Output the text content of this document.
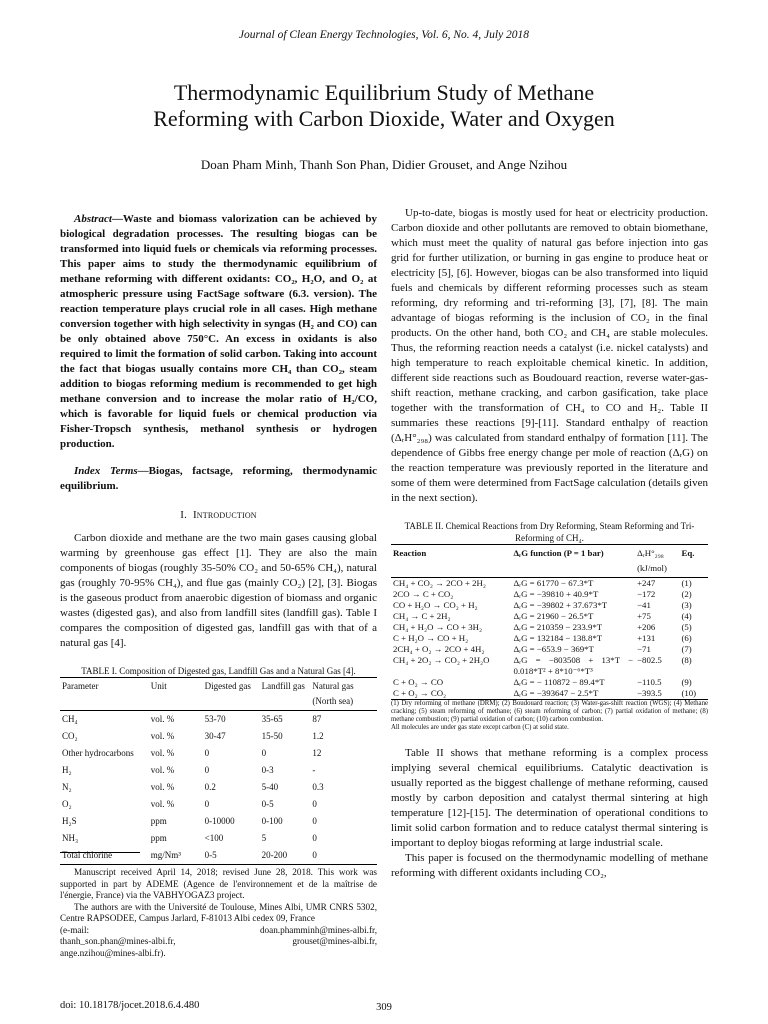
Journal of Clean Energy Technologies, Vol. 6, No. 4, July 2018
Thermodynamic Equilibrium Study of Methane
Reforming with Carbon Dioxide, Water and Oxygen
Doan Pham Minh, Thanh Son Phan, Didier Grouset, and Ange Nzihou

Abstract—Waste and biomass valorization can be achieved by biological degradation processes. The resulting biogas can be transformed into liquid fuels or chemicals via reforming processes. This paper aims to study the thermodynamic equilibrium of methane reforming with different oxidants: CO₂, H₂O, and O₂ at atmospheric pressure using FactSage software (6.3. version). The reaction temperature plays crucial role in all cases. High methane conversion together with high selectivity in syngas (H₂ and CO) can be only obtained above 750°C. An excess in oxidants is also required to limit the formation of solid carbon. Taking into account the fact that biogas usually contains more CH₄ than CO₂, steam addition to biogas reforming medium is recommended to get high methane conversion and to increase the molar ratio of H₂/CO, which is favorable for liquid fuels or chemical production via Fisher-Tropsch synthesis, methanol synthesis or hydrogen production.

Index Terms—Biogas, factsage, reforming, thermodynamic equilibrium.

I. Introduction

Carbon dioxide and methane are the two main gases causing global warming by greenhouse gas effect [1]. They are also the main components of biogas (roughly 35-50% CO₂ and 50-65% CH₄), natural gas (roughly 70-95% CH₄), and flue gas (mainly CO₂) [2], [3]. Biogas is the gaseous product from anaerobic digestion of biomass and organic wastes (digested gas), and also from landfill sites (landfill gas). Table I compares the composition of digested gas, landfill gas with that of a natural gas [4].

TABLE I. Composition of Digested gas, Landfill Gas and a Natural Gas [4].
Parameter	Unit	Digested gas	Landfill gas	Natural gas (North sea)
CH₄	vol. %	53-70	35-65	87
CO₂	vol. %	30-47	15-50	1.2
Other hydrocarbons	vol. %	0	0	12
H₂	vol. %	0	0-3	-
N₂	vol. %	0.2	5-40	0.3
O₂	vol. %	0	0-5	0
H₂S	ppm	0-10000	0-100	0
NH₃	ppm	<100	5	0
Total chlorine	mg/Nm³	0-5	20-200	0

Manuscript received April 14, 2018; revised June 28, 2018. This work was supported in part by ADEME (Agence de l'environnement et de la maîtrise de l'énergie, France) via the VABHYOGAZ3 project.

The authors are with the Université de Toulouse, Mines Albi, UMR CNRS 5302, Centre RAPSODEE, Campus Jarlard, F-81013 Albi cedex 09, France

(e-mail:	doan.phamminh@mines-albi.fr,
thanh_son.phan@mines-albi.fr,	grouset@mines-albi.fr,
ange.nzihou@mines-albi.fr).

Up-to-date, biogas is mostly used for heat or electricity production. Carbon dioxide and other pollutants are removed to obtain biomethane, which must meet the quality of natural gas before injection into gas grid for further utilization, or burning in gas engine to produce heat or electricity [5], [6]. However, biogas can be also transformed into liquid fuels and chemicals by different reforming processes such as steam reforming, dry reforming and tri-reforming [3], [7], [8]. The main advantage of biogas reforming is the inclusion of CO₂ in the final products. On the other hand, both CO₂ and CH₄ are stable molecules. Thus, the reforming reaction needs a catalyst (i.e. nickel catalysts) and high temperature to reach exploitable chemical kinetic. In addition, different side reactions such as Boudouard reaction, reverse water-gas-shift reaction, methane cracking, and carbon gasification, take place together with the transformation of CH₄ to CO and H₂. Table II summaries these reactions [9]-[11]. Standard enthalpy of reaction (ΔᵣH°₂₉₈) was calculated from standard enthalpy of formation [11]. The dependence of Gibbs free energy change per mole of reaction (ΔᵣG) on the reaction temperature was previously reported in the literature and some of them were determined from FactSage calculation (details given in the next section).

TABLE II. Chemical Reactions from Dry Reforming, Steam Reforming and Tri-Reforming of CH₄.
Reaction	ΔᵣG function (P = 1 bar)	ΔᵣH°₂₉₈ (kJ/mol)	Eq.
CH₄ + CO₂ → 2CO + 2H₂	ΔᵣG = 61770 − 67.3*T	+247	(1)
2CO → C + CO₂	ΔᵣG = −39810 + 40.9*T	−172	(2)
CO + H₂O → CO₂ + H₂	ΔᵣG = −39802 + 37.673*T	−41	(3)
CH₄ → C + 2H₂	ΔᵣG = 21960 − 26.5*T	+75	(4)
CH₄ + H₂O → CO + 3H₂	ΔᵣG = 210359 − 233.9*T	+206	(5)
C + H₂O → CO + H₂	ΔᵣG = 132184 − 138.8*T	+131	(6)
2CH₄ + O₂ → 2CO + 4H₂	ΔᵣG = −653.9 − 369*T	−71	(7)
CH₄ + 2O₂ → CO₂ + 2H₂O	ΔᵣG = −803508 + 13*T − 0.018*T² + 8*10⁻⁶*T³	−802.5	(8)
C + O₂ → CO	ΔᵣG = − 110872 − 89.4*T	−110.5	(9)
C + O₂ → CO₂	ΔᵣG = −393647 − 2.5*T	−393.5	(10)
(1) Dry reforming of methane (DRM); (2) Boudouard reaction; (3) Water-gas-shift reaction (WGS); (4) Methane cracking; (5) steam reforming of methane; (6) steam reforming of carbon; (7) partial oxidation of methane; (8) methane combustion; (9) partial oxidation of carbon; (10) carbon combustion.
All molecules are under gas state except carbon (C) at solid state.

Table II shows that methane reforming is a complex process implying several chemical equilibriums. Catalytic deactivation is usually reported as the biggest challenge of methane reforming, caused mostly by carbon deposition and catalyst thermal sintering at high temperature [12]-[15]. The determination of operational conditions to limit solid carbon formation and to reduce catalyst thermal sintering is important to deploy biogas reforming at large industrial scale.

This paper is focused on the thermodynamic modelling of methane reforming with different oxidants including CO₂,

doi: 10.18178/jocet.2018.6.4.480	309
